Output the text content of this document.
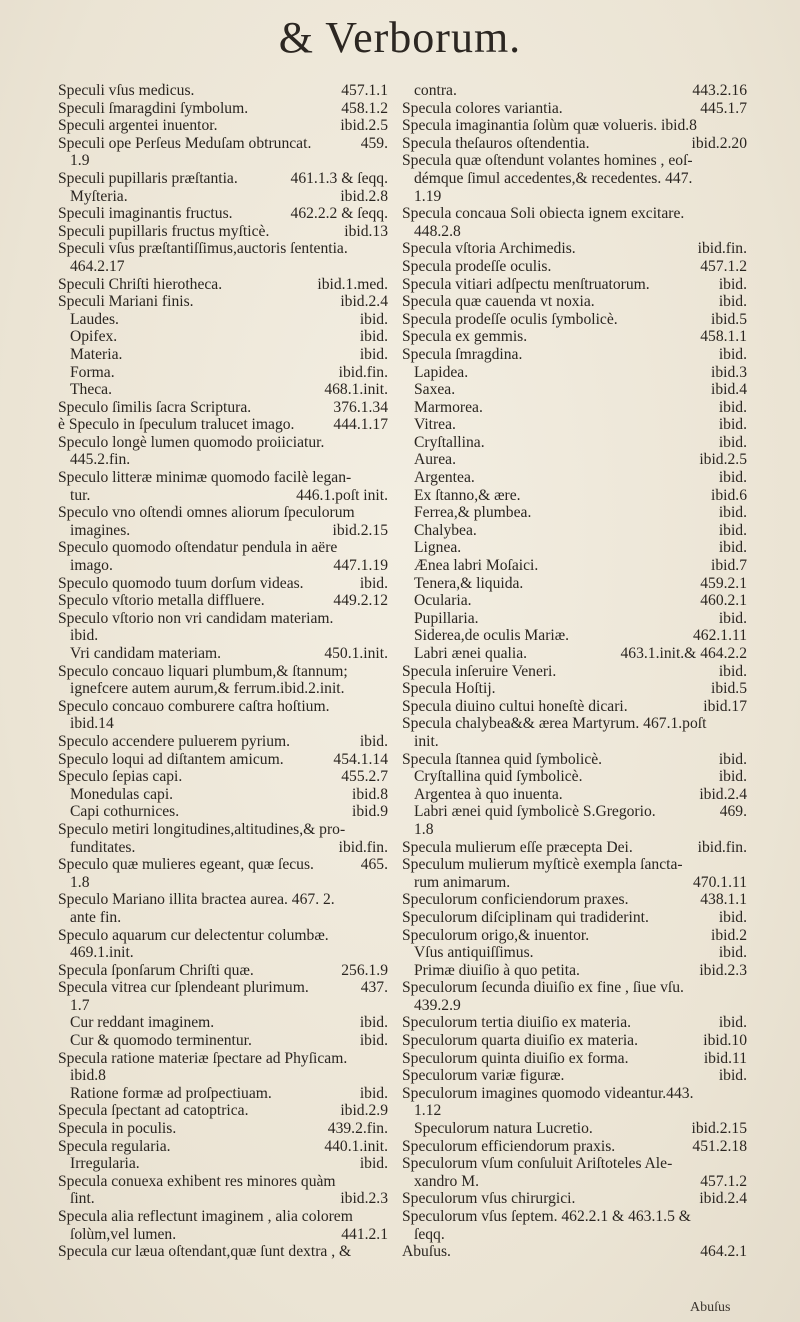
& Verborum.
Speculi vſus medicus.	457.1.1
Speculi ſmaragdini ſymbolum.	458.1.2
Speculi argentei inuentor.	ibid.2.5
Speculi ope Perſeus Meduſam obtruncat.	459.
1.9
Speculi pupillaris præſtantia.	461.1.3 & ſeqq.
Myſteria.	ibid.2.8
Speculi imaginantis fructus.	462.2.2 & ſeqq.
Speculi pupillaris fructus myſticè.	ibid.13
Speculi vſus præſtantiſſimus,auctoris ſententia.
464.2.17
Speculi Chriſti hierotheca.	ibid.1.med.
Speculi Mariani finis.	ibid.2.4
Laudes.	ibid.
Opifex.	ibid.
Materia.	ibid.
Forma.	ibid.fin.
Theca.	468.1.init.
Speculo ſimilis ſacra Scriptura.	376.1.34
è Speculo in ſpeculum tralucet imago. 444.1.17
Speculo longè lumen quomodo proiiciatur.
445.2.fin.
Speculo litteræ minimæ quomodo facilè legan-
tur.	446.1.poſt init.
Speculo vno oſtendi omnes aliorum ſpeculorum
imagines.	ibid.2.15
Speculo quomodo oſtendatur pendula in aëre
imago.	447.1.19
Speculo quomodo tuum dorſum videas.	ibid.
Speculo vſtorio metalla diffluere.	449.2.12
Speculo vſtorio non vri candidam materiam.
ibid.
Vri candidam materiam.	450.1.init.
Speculo concauo liquari plumbum,& ſtannum;
ignefcere autem aurum,& ferrum.ibid.2.init.
Speculo concauo comburere caſtra hoſtium.
ibid.14
Speculo accendere puluerem pyrium.	ibid.
Speculo loqui ad diſtantem amicum.	454.1.14
Speculo ſepias capi.	455.2.7
Monedulas capi.	ibid.8
Capi cothurnices.	ibid.9
Speculo metiri longitudines,altitudines,& pro-
funditates.	ibid.fin.
Speculo quæ mulieres egeant, quæ ſecus.	465.
1.8
Speculo Mariano illita bractea aurea. 467. 2.
ante fin.
Speculo aquarum cur delectentur columbæ.
469.1.init.
Specula ſponſarum Chriſti quæ.	256.1.9
Specula vitrea cur ſplendeant plurimum.	437.
1.7
Cur reddant imaginem.	ibid.
Cur & quomodo terminentur.	ibid.
Specula ratione materiæ ſpectare ad Phyſicam.
ibid.8
Ratione formæ ad proſpectiuam.	ibid.
Specula ſpectant ad catoptrica.	ibid.2.9
Specula in poculis.	439.2.fin.
Specula regularia.	440.1.init.
Irregularia.	ibid.
Specula conuexa exhibent res minores quàm
ſint.	ibid.2.3
Specula alia reflectunt imaginem , alia colorem
ſolùm,vel lumen.	441.2.1
Specula cur læua oſtendant,quæ ſunt dextra , &
contra.	443.2.16
Specula colores variantia.	445.1.7
Specula imaginantia ſolùm quæ volueris. ibid.8
Specula theſauros oſtendentia.	ibid.2.20
Specula quæ oſtendunt volantes homines , eoſ-
démque ſimul accedentes,& recedentes. 447.
1.19
Specula concaua Soli obiecta ignem excitare.
448.2.8
Specula vſtoria Archimedis.	ibid.fin.
Specula prodeſſe oculis.	457.1.2
Specula vitiari adſpectu menſtruatorum.	ibid.
Specula quæ cauenda vt noxia.	ibid.
Specula prodeſſe oculis ſymbolicè.	ibid.5
Specula ex gemmis.	458.1.1
Specula ſmragdina.	ibid.
Lapidea.	ibid.3
Saxea.	ibid.4
Marmorea.	ibid.
Vitrea.	ibid.
Cryſtallina.	ibid.
Aurea.	ibid.2.5
Argentea.	ibid.
Ex ſtanno,& ære.	ibid.6
Ferrea,& plumbea.	ibid.
Chalybea.	ibid.
Lignea.	ibid.
Ænea labri Moſaici.	ibid.7
Tenera,& liquida.	459.2.1
Ocularia.	460.2.1
Pupillaria.	ibid.
Siderea,de oculis Mariæ.	462.1.11
Labri ænei qualia.	463.1.init.& 464.2.2
Specula inſeruire Veneri.	ibid.
Specula Hoſtij.	ibid.5
Specula diuino cultui honeſtè dicari.	ibid.17
Specula chalybea&& ærea Martyrum. 467.1.poſt
init.
Specula ſtannea quid ſymbolicè.	ibid.
Cryſtallina quid ſymbolicè.	ibid.
Argentea à quo inuenta.	ibid.2.4
Labri ænei quid ſymbolicè S.Gregorio.	469.
1.8
Specula mulierum eſſe præcepta Dei.	ibid.fin.
Speculum mulierum myſticè exempla ſancta-
rum animarum.	470.1.11
Speculorum conficiendorum praxes.	438.1.1
Speculorum diſciplinam qui tradiderint.	ibid.
Speculorum origo,& inuentor.	ibid.2
Vſus antiquiſſimus.	ibid.
Primæ diuiſio à quo petita.	ibid.2.3
Speculorum ſecunda diuiſio ex fine , ſiue vſu.
439.2.9
Speculorum tertia diuiſio ex materia.	ibid.
Speculorum quarta diuiſio ex materia.	ibid.10
Speculorum quinta diuiſio ex forma.	ibid.11
Speculorum variæ figuræ.	ibid.
Speculorum imagines quomodo videantur.443.
1.12
Speculorum natura Lucretio.	ibid.2.15
Speculorum efficiendorum praxis.	451.2.18
Speculorum vſum conſuluit Ariſtoteles Ale-
xandro M.	457.1.2
Speculorum vſus chirurgici.	ibid.2.4
Speculorum vſus ſeptem. 462.2.1 & 463.1.5 &
ſeqq.
Abuſus.	464.2.1
Abuſus
